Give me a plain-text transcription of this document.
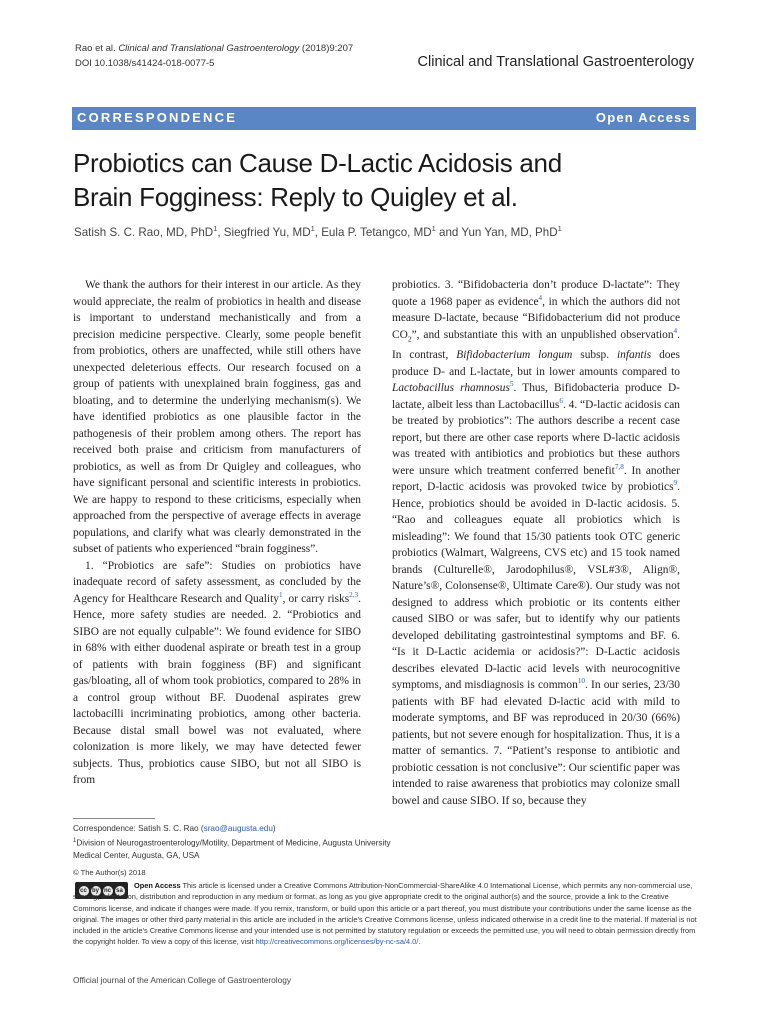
Rao et al. Clinical and Translational Gastroenterology (2018)9:207
DOI 10.1038/s41424-018-0077-5	Clinical and Translational Gastroenterology
CORRESPONDENCE	Open Access
Probiotics can Cause D-Lactic Acidosis and
Brain Fogginess: Reply to Quigley et al.
Satish S. C. Rao, MD, PhD$^1$, Siegfried Yu, $MD^1$, Eula P. Tetangco, $MD^1$ and Yun Yan, MD, PhD$^1$

We thank the authors for their interest in our article. As they would appreciate, the realm of probiotics in health and disease is important to understand mechanistically and from a precision medicine perspective. Clearly, some people benefit from probiotics, others are unaffected, while still others have unexpected deleterious effects. Our research focused on a group of patients with unexplained brain fogginess, gas and bloating, and to determine the underlying mechanism(s). We have identified probiotics as one plausible factor in the pathogenesis of their problem among others. The report has received both praise and criticism from manufacturers of probiotics, as well as from Dr Quigley and colleagues, who have significant personal and scientific interests in probiotics. We are happy to respond to these criticisms, especially when approached from the perspective of average effects in average populations, and clarify what was clearly demonstrated in the subset of patients who experienced “brain fogginess”.

1. “Probiotics are safe”: Studies on probiotics have inadequate record of safety assessment, as concluded by the Agency for Healthcare Research and Quality$^1$, or carry risks$^{2,3}$. Hence, more safety studies are needed. 2. “Probiotics and SIBO are not equally culpable”: We found evidence for SIBO in 68% with either duodenal aspirate or breath test in a group of patients with brain fogginess (BF) and significant gas/bloating, all of whom took probiotics, compared to 28% in a control group without BF. Duodenal aspirates grew lactobacilli incriminating probiotics, among other bacteria. Because distal small bowel was not evaluated, where colonization is more likely, we may have detected fewer subjects. Thus, probiotics cause SIBO, but not all SIBO is from

probiotics. 3. “Bifidobacteria don’t produce D-lactate”: They quote a 1968 paper as evidence$^4$, in which the authors did not measure D-lactate, because “Bifidobacterium did not produce $CO_2$”, and substantiate this with an unpublished observation$^4$. In contrast, Bifidobacterium longum subsp. infantis does produce D- and L-lactate, but in lower amounts compared to Lactobacillus rhamnosus$^5$. Thus, Bifidobacteria produce D-lactate, albeit less than Lactobacillus$^6$. 4. “D-lactic acidosis can be treated by probiotics”: The authors describe a recent case report, but there are other case reports where D-lactic acidosis was treated with antibiotics and probiotics but these authors were unsure which treatment conferred benefit$^{7,8}$. In another report, D-lactic acidosis was provoked twice by probiotics$^9$. Hence, probiotics should be avoided in D-lactic acidosis. 5. “Rao and colleagues equate all probiotics which is misleading”: We found that 15/30 patients took OTC generic probiotics (Walmart, Walgreens, CVS etc) and 15 took named brands (Culturelle®, Jarodophilus®, VSL#3®, Align®, Nature’s®, Colonsense®, Ultimate Care®). Our study was not designed to address which probiotic or its contents either caused SIBO or was safer, but to identify why our patients developed debilitating gastrointestinal symptoms and BF. 6. “Is it D-Lactic acidemia or acidosis?”: D-Lactic acidosis describes elevated D-lactic acid levels with neurocognitive symptoms, and misdiagnosis is common$^{10}$. In our series, 23/30 patients with BF had elevated D-lactic acid with mild to moderate symptoms, and BF was reproduced in 20/30 (66%) patients, but not severe enough for hospitalization. Thus, it is a matter of semantics. 7. “Patient’s response to antibiotic and probiotic cessation is not conclusive”: Our scientific paper was intended to raise awareness that probiotics may colonize small bowel and cause SIBO. If so, because they

Correspondence: Satish S. C. Rao (srao@augusta.edu)
$^1$Division of Neurogastroenterology/Motility, Department of Medicine, Augusta University Medical Center, Augusta, GA, USA
© The Author(s) 2018
cc by nc sa
Open Access This article is licensed under a Creative Commons Attribution-NonCommercial-ShareAlike 4.0 International License, which permits any non-commercial use, sharing, adaptation, distribution and reproduction in any medium or format, as long as you give appropriate credit to the original author(s) and the source, provide a link to the Creative Commons license, and indicate if changes were made. If you remix, transform, or build upon this article or a part thereof, you must distribute your contributions under the same license as the original. The images or other third party material in this article are included in the article’s Creative Commons license, unless indicated otherwise in a credit line to the material. If material is not included in the article’s Creative Commons license and your intended use is not permitted by statutory regulation or exceeds the permitted use, you will need to obtain permission directly from the copyright holder. To view a copy of this license, visit http://creativecommons.org/licenses/by-nc-sa/4.0/.
Official journal of the American College of Gastroenterology
